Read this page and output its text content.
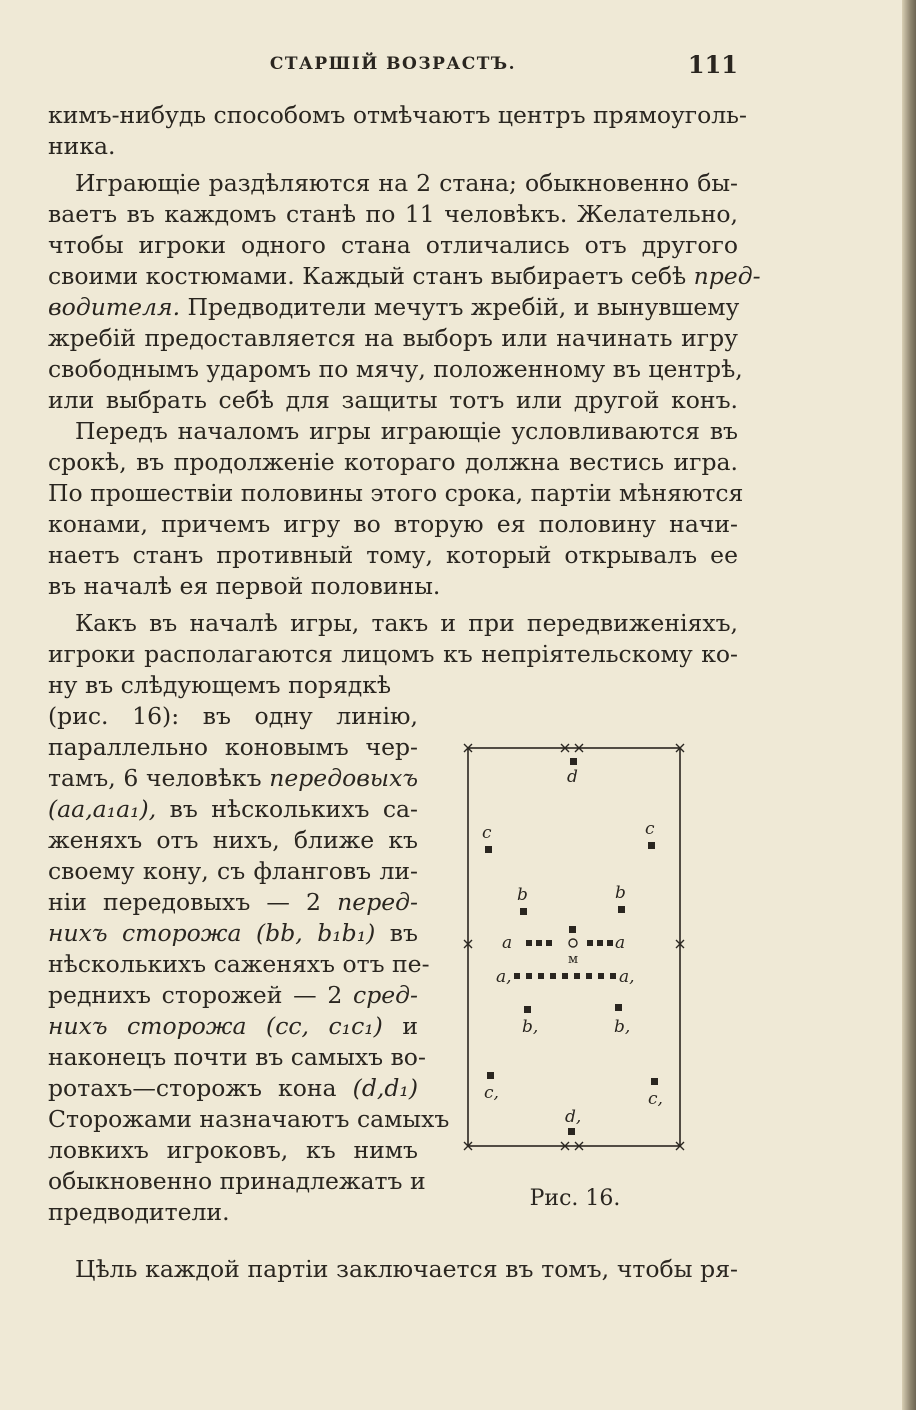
СТАРШІЙ ВОЗРАСТЪ.	111
кимъ-нибудь способомъ отмѣчаютъ центръ прямоуголь-
ника.
Играющіе раздѣляются на 2 стана; обыкновенно бы-
ваетъ въ каждомъ станѣ по 11 человѣкъ. Желательно,
чтобы игроки одного стана отличались отъ другого
своими костюмами. Каждый станъ выбираетъ себѣ пред-
водителя. Предводители мечутъ жребій, и вынувшему
жребій предоставляется на выборъ или начинать игру
свободнымъ ударомъ по мячу, положенному въ центрѣ,
или выбрать себѣ для защиты тотъ или другой конъ.
Передъ началомъ игры играющіе условливаются въ
срокѣ, въ продолженіе котораго должна вестись игра.
По прошествіи половины этого срока, партіи мѣняются
конами, причемъ игру во вторую ея половину начи-
наетъ станъ противный тому, который открывалъ ее
въ началѣ ея первой половины.
Какъ въ началѣ игры, такъ и при передвиженіяхъ,
игроки располагаются лицомъ къ непріятельскому ко-
ну въ слѣдующемъ порядкѣ
(рис. 16): въ одну линію,
параллельно коновымъ чер-
тамъ, 6 человѣкъ передовыхъ
(aa,a₁a₁), въ нѣсколькихъ са-
женяхъ отъ нихъ, ближе къ
своему кону, съ фланговъ ли-
ніи передовыхъ — 2 перед-
нихъ сторожа (bb, b₁b₁) въ
нѣсколькихъ саженяхъ отъ пе-
реднихъ сторожей — 2 сред-
нихъ сторожа (cc, c₁c₁) и
наконецъ почти въ самыхъ во-
ротахъ—сторожъ кона (d,d₁)
Сторожами назначаютъ самыхъ
ловкихъ игроковъ, къ нимъ
обыкновенно принадлежатъ и
предводители.
d
c	c
b	b
a	a
м
a,	a,
b,	b,
c,	c,
d,
Рис. 16.
Цѣль каждой партіи заключается въ томъ, чтобы ря-
